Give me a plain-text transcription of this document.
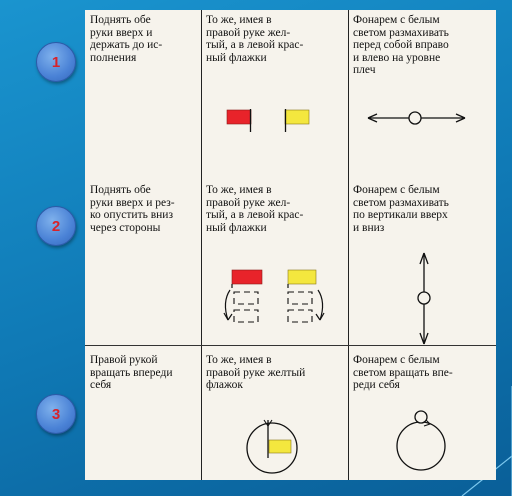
1
2
3
Поднять обе
руки вверх и
держать до ис-
полнения
То же, имея в
правой руке жел-
тый, а в левой крас-
ный флажки
Фонарем с белым
светом размахивать
перед собой вправо
и влево на уровне
плеч
Поднять обе
руки вверх и рез-
ко опустить вниз
через стороны
То же, имея в
правой руке жел-
тый, а в левой крас-
ный флажки
Фонарем с белым
светом размахивать
по вертикали вверх
и вниз
Правой рукой
вращать впереди
себя
То же, имея в
правой руке желтый
флажок
Фонарем с белым
светом вращать впе-
реди себя
